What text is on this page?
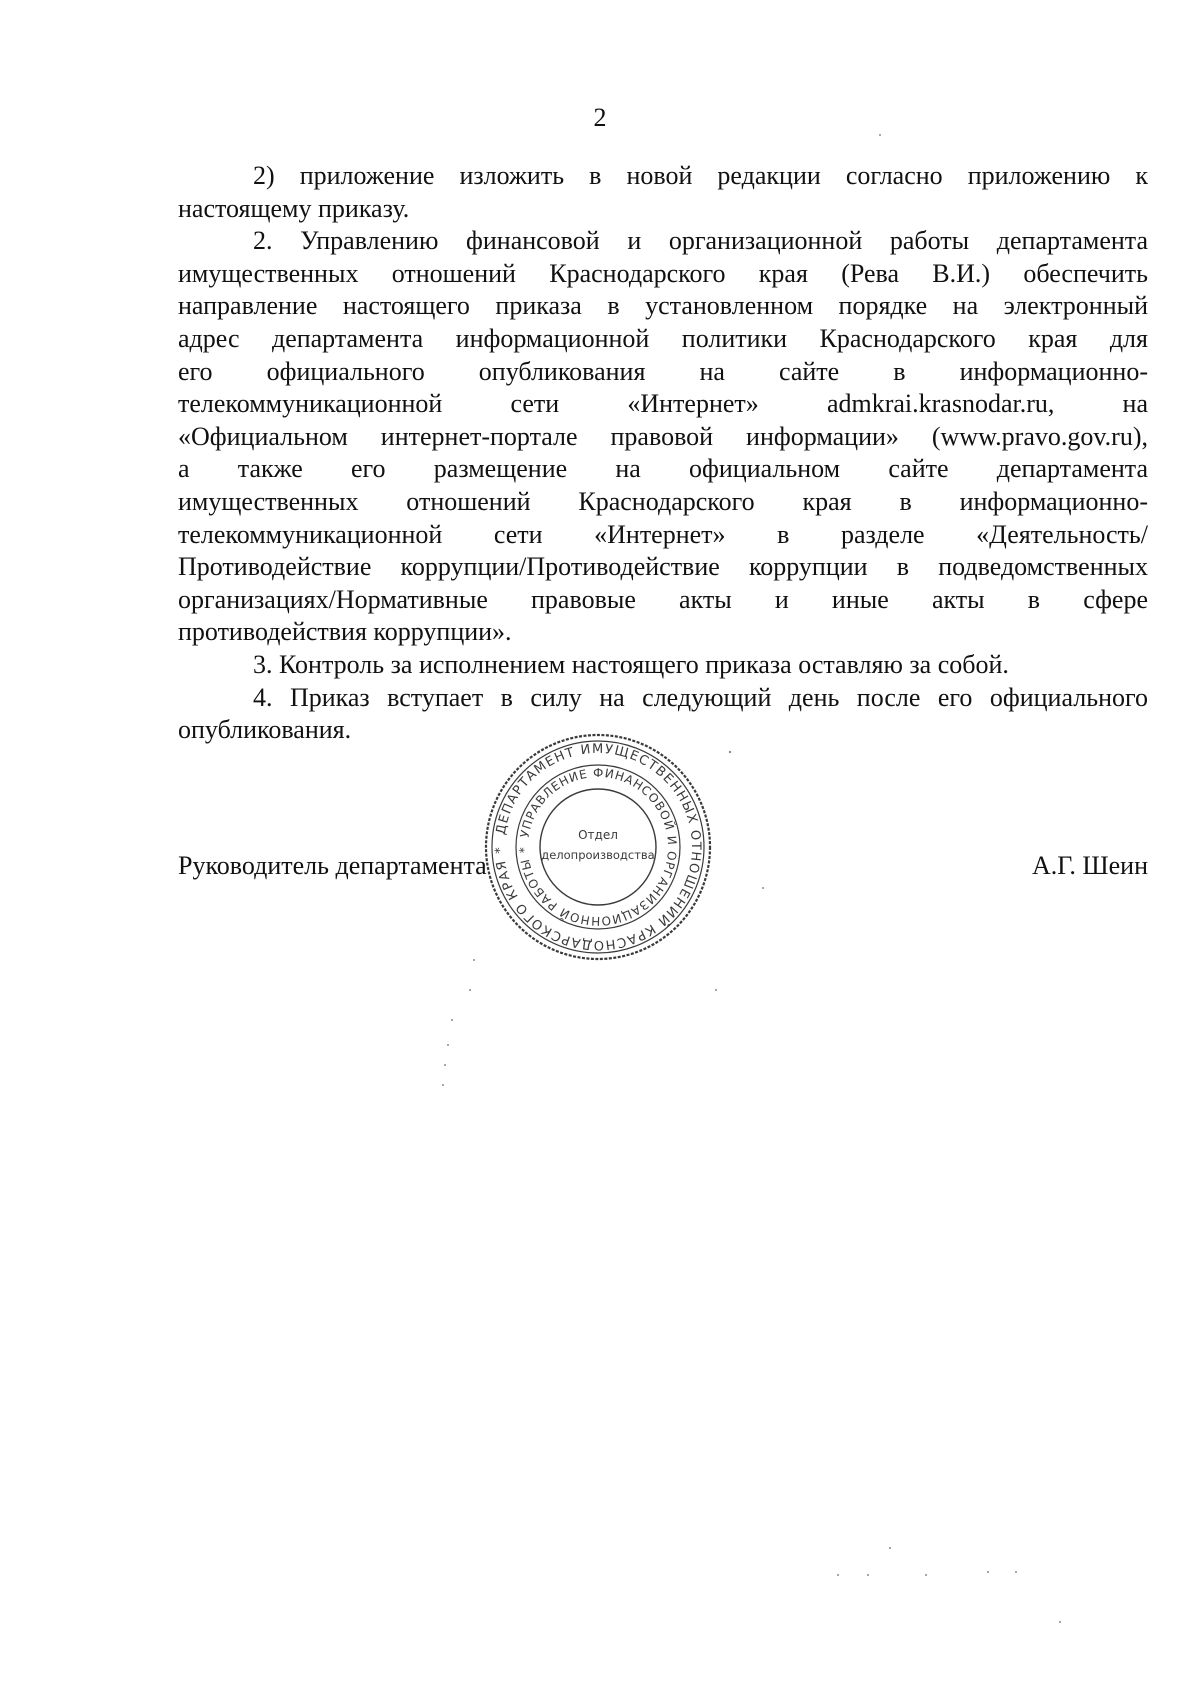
2
2) приложение изложить в новой редакции согласно приложению к
настоящему приказу.
2. Управлению финансовой и организационной работы департамента
имущественных отношений Краснодарского края (Рева В.И.) обеспечить
направление настоящего приказа в установленном порядке на электронный
адрес департамента информационной политики Краснодарского края для
его официального опубликования на сайте в информационно-
телекоммуникационной сети «Интернет» admkrai.krasnodar.ru, на
«Официальном интернет-портале правовой информации» (www.pravo.gov.ru),
а также его размещение на официальном сайте департамента
имущественных отношений Краснодарского края в информационно-
телекоммуникационной сети «Интернет» в разделе «Деятельность/
Противодействие коррупции/Противодействие коррупции в подведомственных
организациях/Нормативные правовые акты и иные акты в сфере
противодействия коррупции».
3. Контроль за исполнением настоящего приказа оставляю за собой.
4. Приказ вступает в силу на следующий день после его официального
опубликования.
Руководитель департамента	А.Г. Шеин
ДЕПАРТАМЕНТ ИМУЩЕСТВЕННЫХ ОТНОШЕНИЙ КРАСНОДАРСКОГО КРАЯ *
УПРАВЛЕНИЕ ФИНАНСОВОЙ И ОРГАНИЗАЦИОННОЙ РАБОТЫ *
Отдел
делопроизводства
